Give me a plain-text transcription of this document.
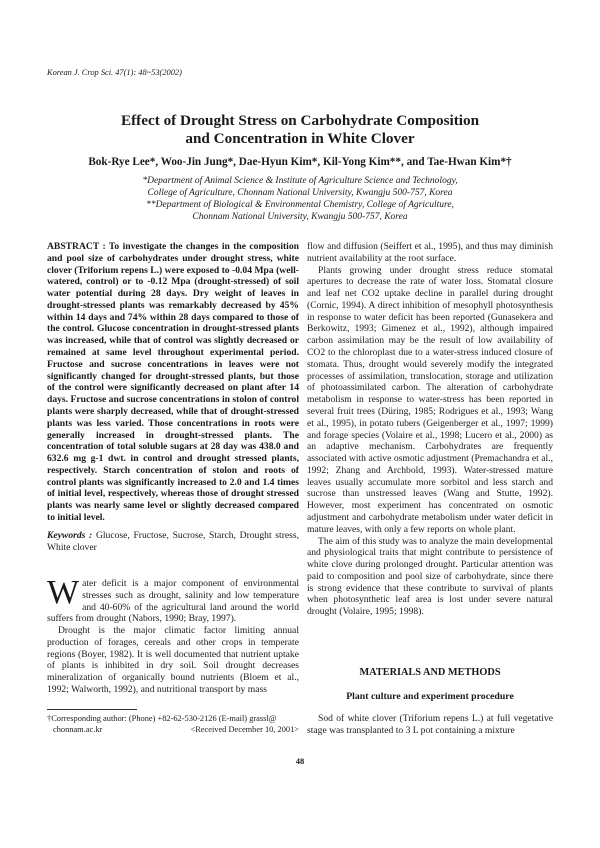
Korean J. Crop Sci. 47(1): 48~53(2002)
Effect of Drought Stress on Carbohydrate Composition
and Concentration in White Clover
Bok-Rye Lee*, Woo-Jin Jung*, Dae-Hyun Kim*, Kil-Yong Kim**, and Tae-Hwan Kim*†
*Department of Animal Science & Institute of Agriculture Science and Technology,
College of Agriculture, Chonnam National University, Kwangju 500-757, Korea
**Department of Biological & Environmental Chemistry, College of Agriculture,
Chonnam National University, Kwangju 500-757, Korea
ABSTRACT : To investigate the changes in the composition and pool size of carbohydrates under drought stress, white clover (Triforium repens L.) were exposed to -0.04 Mpa (well-watered, control) or to -0.12 Mpa (drought-stressed) of soil water potential during 28 days. Dry weight of leaves in drought-stressed plants was remarkably decreased by 45% within 14 days and 74% within 28 days compared to those of the control. Glucose concentration in drought-stressed plants was increased, while that of control was slightly decreased or remained at same level throughout experimental period. Fructose and sucrose concentrations in leaves were not significantly changed for drought-stressed plants, but those of the control were significantly decreased on plant after 14 days. Fructose and sucrose concentrations in stolon of control plants were sharply decreased, while that of drought-stressed plants was less varied. Those concentrations in roots were generally increased in drought-stressed plants. The concentration of total soluble sugars at 28 day was 438.0 and 632.6 mg g-1 dwt. in control and drought stressed plants, respectively. Starch concentration of stolon and roots of control plants was significantly increased to 2.0 and 1.4 times of initial level, respectively, whereas those of drought stressed plants was nearly same level or slightly decreased compared to initial level.
Keywords : Glucose, Fructose, Sucrose, Starch, Drought stress, White clover

Water deficit is a major component of environmental stresses such as drought, salinity and low temperature and 40-60% of the agricultural land around the world suffers from drought (Nabors, 1990; Bray, 1997).

Drought is the major climatic factor limiting annual production of forages, cereals and other crops in temperate regions (Boyer, 1982). It is well documented that nutrient uptake of plants is inhibited in dry soil. Soil drought decreases mineralization of organically bound nutrients (Bloem et al., 1992; Walworth, 1992), and nutritional transport by mass

flow and diffusion (Seiffert et al., 1995), and thus may diminish nutrient availability at the root surface.

Plants growing under drought stress reduce stomatal apertures to decrease the rate of water loss. Stomatal closure and leaf net CO2 uptake decline in parallel during drought (Cornic, 1994). A direct inhibition of mesophyll photosynthesis in response to water deficit has been reported (Gunasekera and Berkowitz, 1993; Gimenez et al., 1992), although impaired carbon assimilation may be the result of low availability of CO2 to the chloroplast due to a water-stress induced closure of stomata. Thus, drought would severely modify the integrated processes of assimilation, translocation, storage and utilization of photoassimilated carbon. The alteration of carbohydrate metabolism in response to water-stress has been reported in several fruit trees (Düring, 1985; Rodrigues et al., 1993; Wang et al., 1995), in potato tubers (Geigenberger et al., 1997; 1999) and forage species (Volaire et al., 1998; Lucero et al., 2000) as an adaptive mechanism. Carbohydrates are frequently associated with active osmotic adjustment (Premachandra et al., 1992; Zhang and Archbold, 1993). Water-stressed mature leaves usually accumulate more sorbitol and less starch and sucrose than unstressed leaves (Wang and Stutte, 1992). However, most experiment has concentrated on osmotic adjustment and carbohydrate metabolism under water deficit in mature leaves, with only a few reports on whole plant.

The aim of this study was to analyze the main developmental and physiological traits that might contribute to persistence of white clove during prolonged drought. Particular attention was paid to composition and pool size of carbohydrate, since there is strong evidence that these contribute to survival of plants when photosynthetic leaf area is lost under severe natural drought (Volaire, 1995; 1998).

MATERIALS AND METHODS
Plant culture and experiment procedure

Sod of white clover (Triforium repens L.) at full vegetative stage was transplanted to 3 L pot containing a mixture

†Corresponding author: (Phone) +82-62-530-2126 (E-mail) grassl@
chonnam.ac.kr	<Received December 10, 2001>
48
